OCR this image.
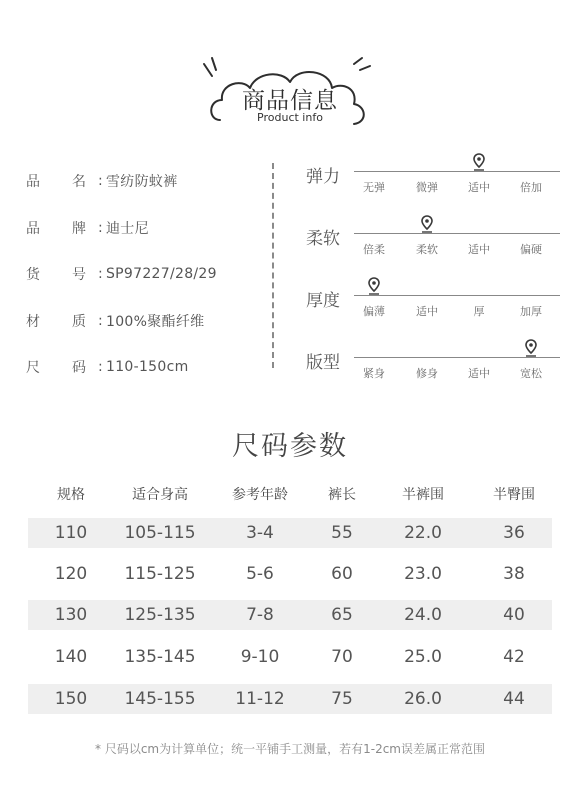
商品信息
Product info
品	名 : 雪纺防蚊裤
品	牌 : 迪士尼
货	号 : SP97227/28/29
材	质 : 100%聚酯纤维
尺	码 : 110-150cm
弹力
无弹	微弹	适中	倍加
柔软
倍柔	柔软	适中	偏硬
厚度
偏薄	适中	厚	加厚
版型
紧身	修身	适中	宽松
尺码参数
规格	适合身高	参考年龄	裤长	半裤围	半臀围
110	105-115	3-4	55	22.0	36
120	115-125	5-6	60	23.0	38
130	125-135	7-8	65	24.0	40
140	135-145	9-10	70	25.0	42
150	145-155	11-12	75	26.0	44
* 尺码以cm为计算单位；统一平铺手工测量，若有1-2cm误差属正常范围
